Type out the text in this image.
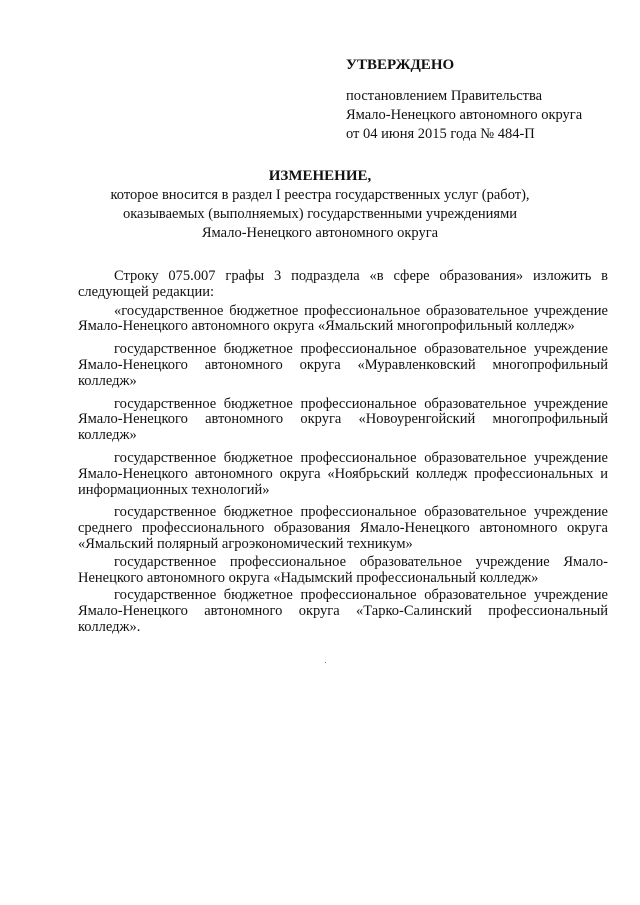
УТВЕРЖДЕНО
постановлением Правительства
Ямало-Ненецкого автономного округа
от 04 июня 2015 года № 484-П
ИЗМЕНЕНИЕ,
которое вносится в раздел I реестра государственных услуг (работ),
оказываемых (выполняемых) государственными учреждениями
Ямало-Ненецкого автономного округа

Строку 075.007 графы 3 подраздела «в сфере образования» изложить в следующей редакции:

«государственное бюджетное профессиональное образовательное учреждение Ямало-Ненецкого автономного округа «Ямальский многопрофильный колледж»

государственное бюджетное профессиональное образовательное учреждение Ямало-Ненецкого автономного округа «Муравленковский многопрофильный колледж»

государственное бюджетное профессиональное образовательное учреждение Ямало-Ненецкого автономного округа «Новоуренгойский многопрофильный колледж»

государственное бюджетное профессиональное образовательное учреждение Ямало-Ненецкого автономного округа «Ноябрьский колледж профессиональных и информационных технологий»

государственное бюджетное профессиональное образовательное учреждение среднего профессионального образования Ямало-Ненецкого автономного округа «Ямальский полярный агроэкономический техникум»

государственное профессиональное образовательное учреждение Ямало-Ненецкого автономного округа «Надымский профессиональный колледж»

государственное бюджетное профессиональное образовательное учреждение Ямало-Ненецкого автономного округа «Тарко-Салинский профессиональный колледж».
